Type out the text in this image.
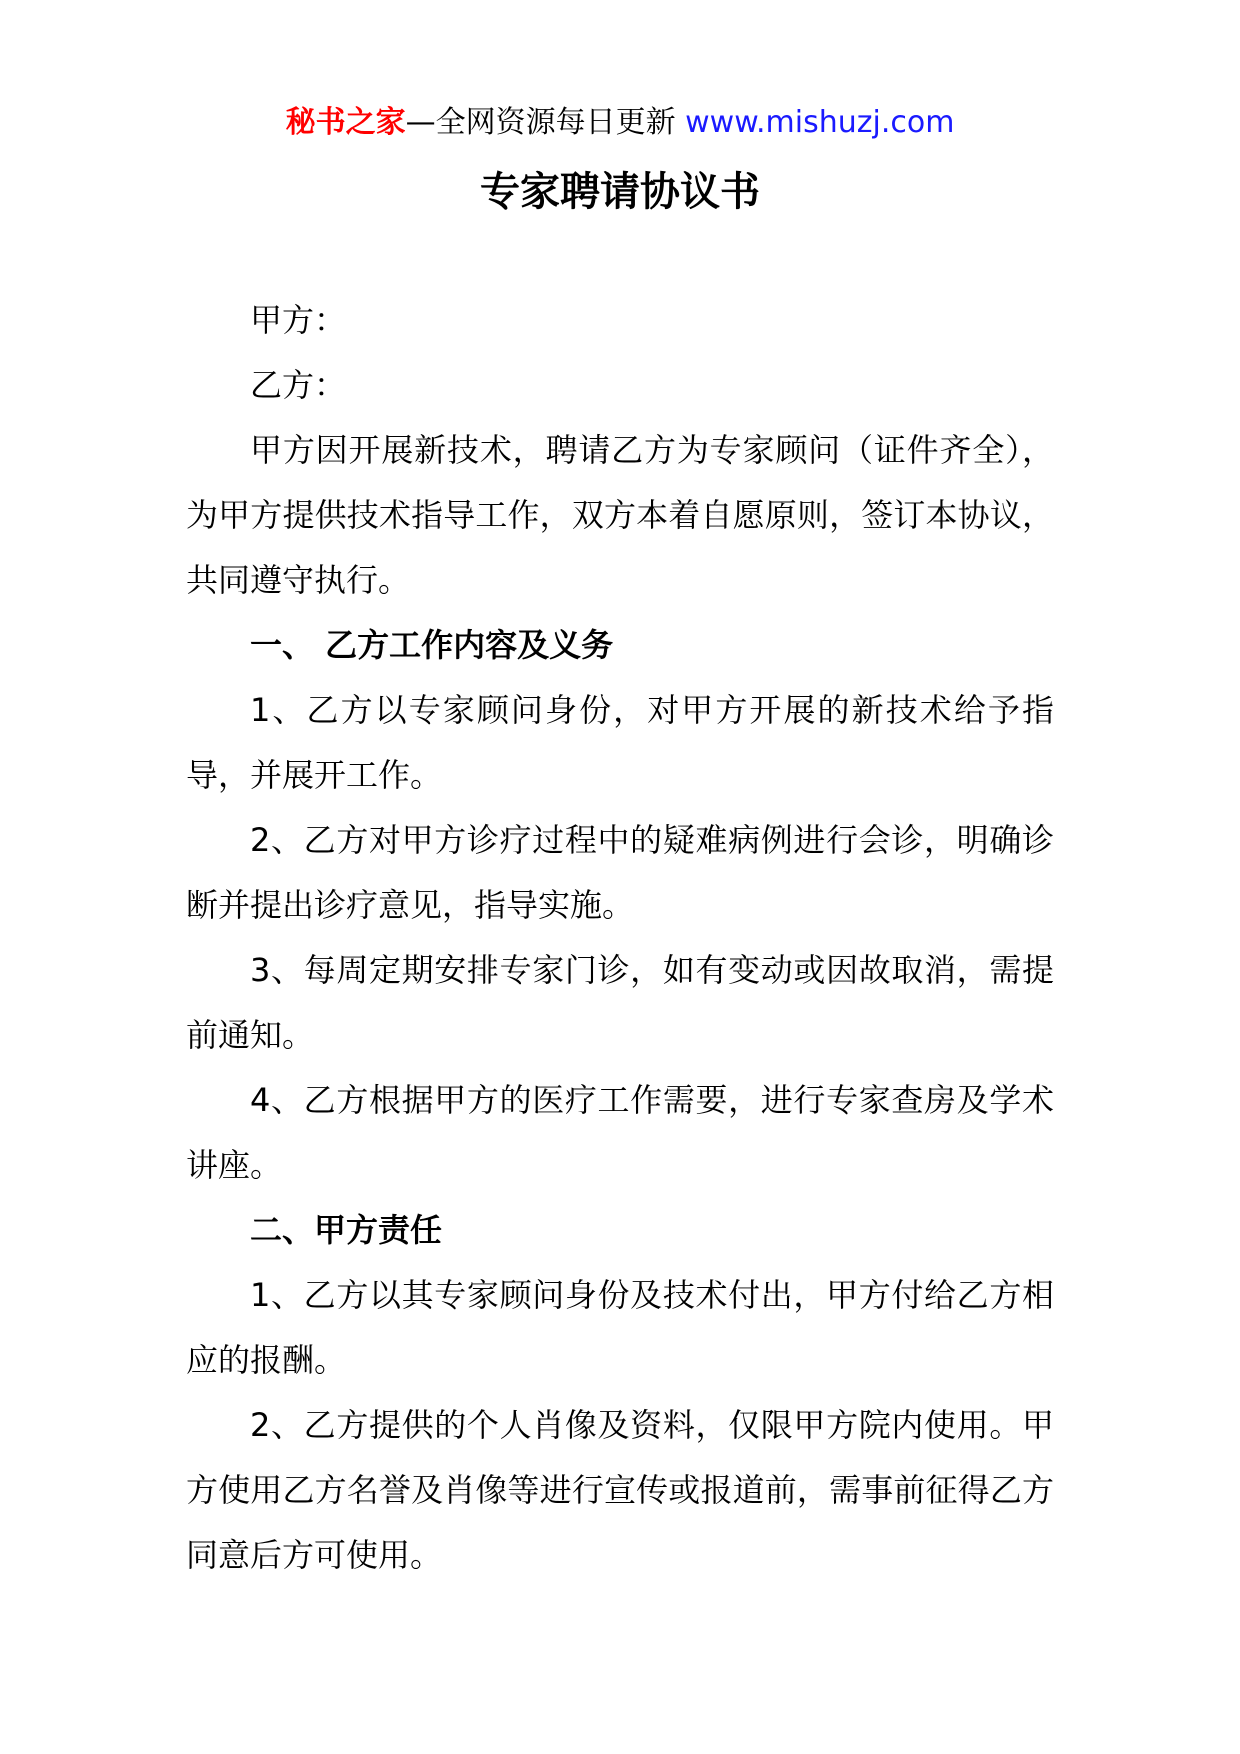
秘书之家—全网资源每日更新 www.mishuzj.com
专家聘请协议书

甲方：

乙方：

甲方因开展新技术，聘请乙方为专家顾问（证件齐全），为甲方提供技术指导工作，双方本着自愿原则，签订本协议，共同遵守执行。

一、 乙方工作内容及义务

1、乙方以专家顾问身份，对甲方开展的新技术给予指导，并展开工作。

2、乙方对甲方诊疗过程中的疑难病例进行会诊，明确诊断并提出诊疗意见，指导实施。

3、每周定期安排专家门诊，如有变动或因故取消，需提前通知。

4、乙方根据甲方的医疗工作需要，进行专家查房及学术讲座。

二、甲方责任

1、乙方以其专家顾问身份及技术付出，甲方付给乙方相应的报酬。

2、乙方提供的个人肖像及资料，仅限甲方院内使用。甲方使用乙方名誉及肖像等进行宣传或报道前，需事前征得乙方同意后方可使用。
